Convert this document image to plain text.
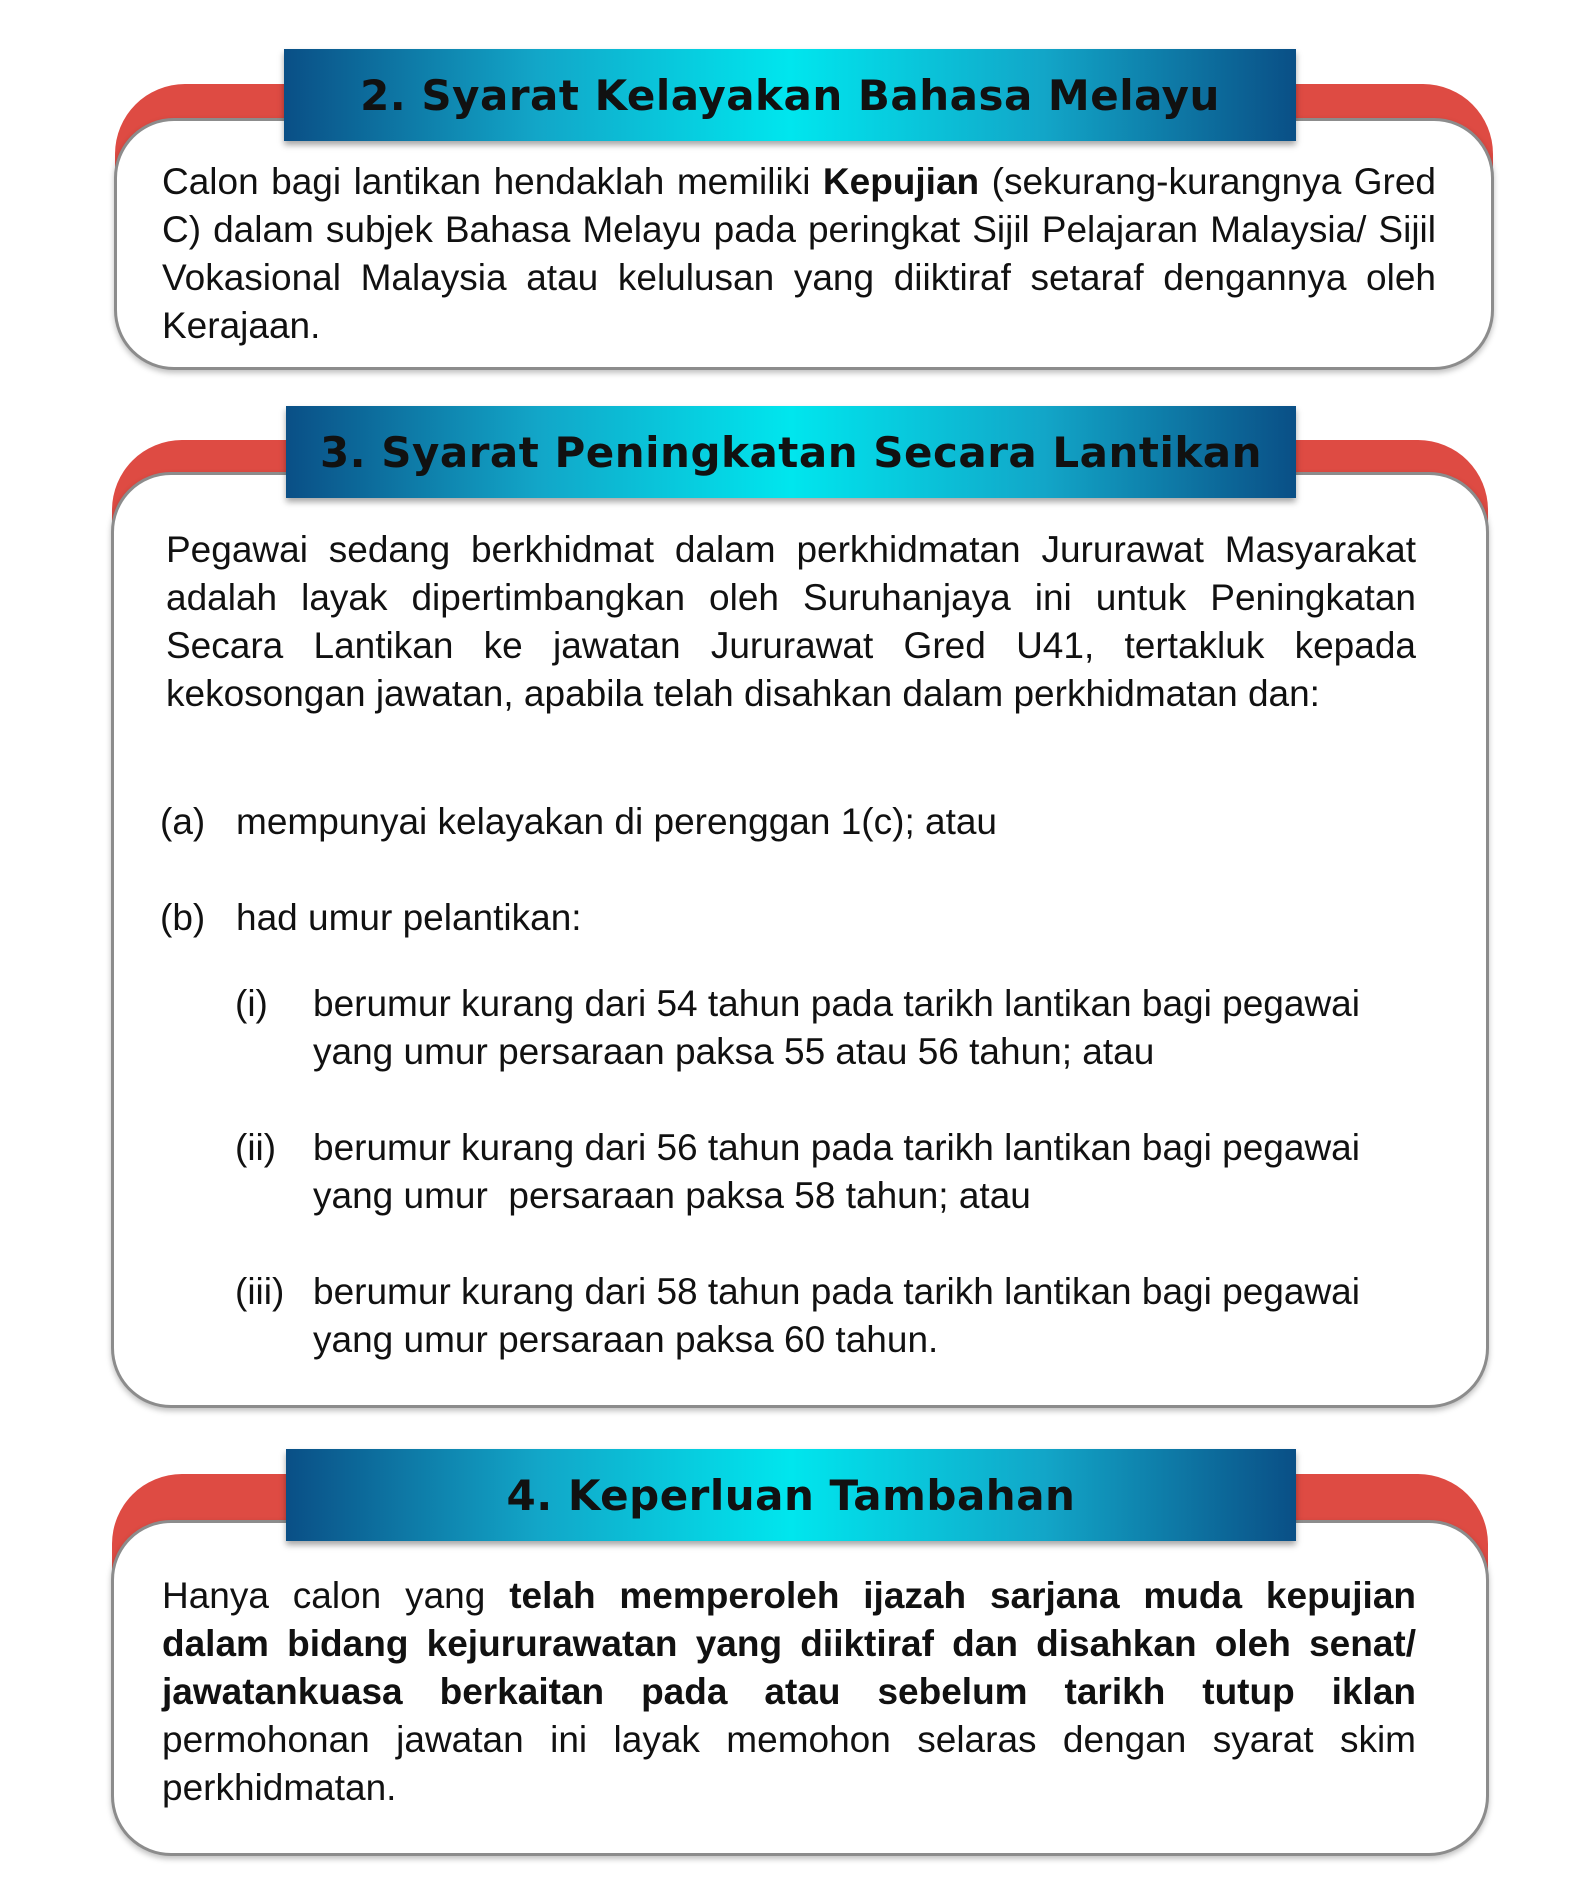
2. Syarat Kelayakan Bahasa Melayu

Calon bagi lantikan hendaklah memiliki Kepujian (sekurang-kurangnya Gred C) dalam subjek Bahasa Melayu pada peringkat Sijil Pelajaran Malaysia/ Sijil Vokasional Malaysia atau kelulusan yang diiktiraf setaraf dengannya oleh Kerajaan.

3. Syarat Peningkatan Secara Lantikan

Pegawai sedang berkhidmat dalam perkhidmatan Jururawat Masyarakat adalah layak dipertimbangkan oleh Suruhanjaya ini untuk Peningkatan Secara Lantikan ke jawatan Jururawat Gred U41, tertakluk kepada kekosongan jawatan, apabila telah disahkan dalam perkhidmatan dan:

(a) mempunyai kelayakan di perenggan 1(c); atau
(b) had umur pelantikan:
(i) berumur kurang dari 54 tahun pada tarikh lantikan bagi pegawai
yang umur persaraan paksa 55 atau 56 tahun; atau
(ii) berumur kurang dari 56 tahun pada tarikh lantikan bagi pegawai
yang umur  persaraan paksa 58 tahun; atau
(iii) berumur kurang dari 58 tahun pada tarikh lantikan bagi pegawai
yang umur persaraan paksa 60 tahun.
4. Keperluan Tambahan

Hanya calon yang telah memperoleh ijazah sarjana muda kepujian dalam bidang kejururawatan yang diiktiraf dan disahkan oleh senat/ jawatankuasa berkaitan pada atau sebelum tarikh tutup iklan permohonan jawatan ini layak memohon selaras dengan syarat skim perkhidmatan.
